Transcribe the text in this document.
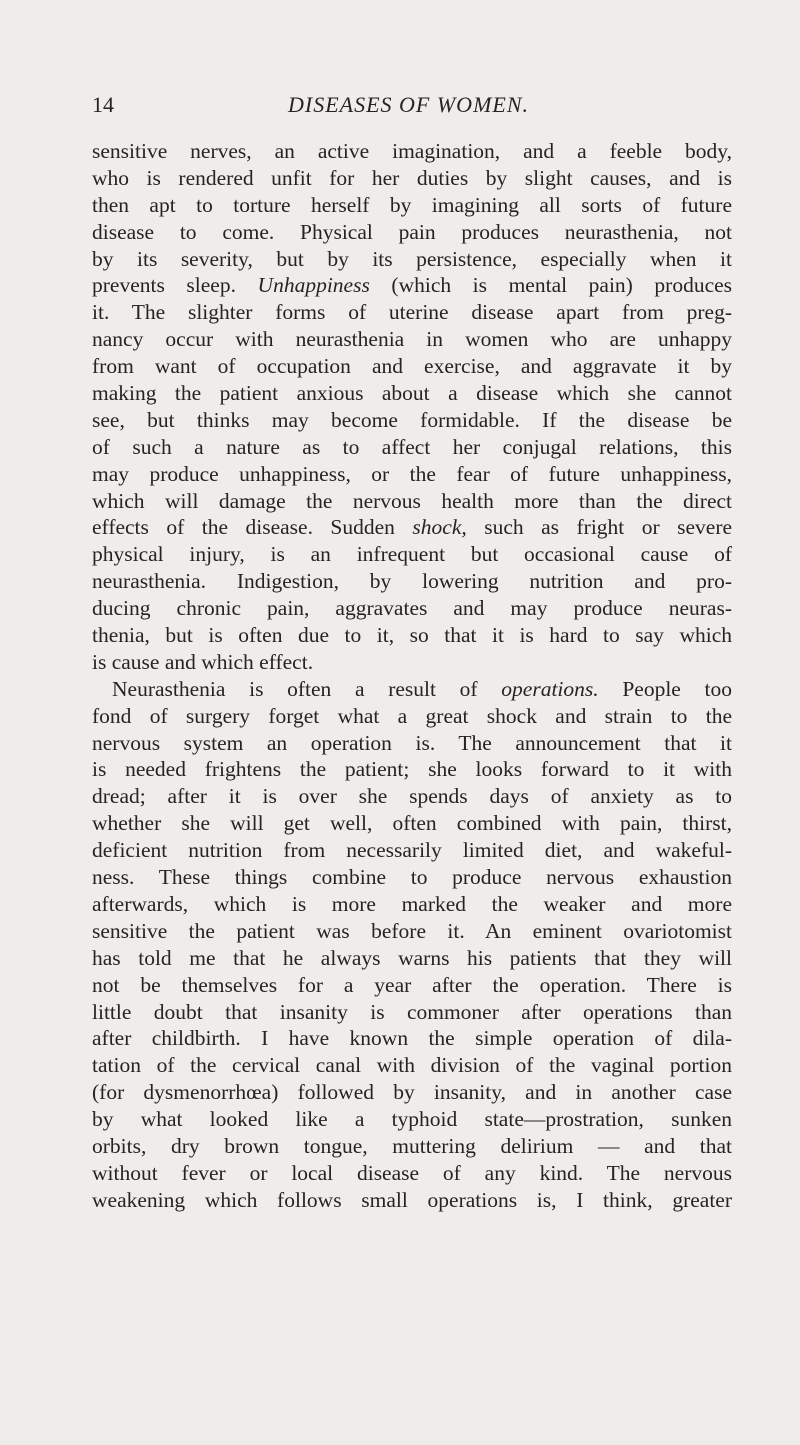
14	DISEASES OF WOMEN.
sensitive nerves, an active imagination, and a feeble body,
who is rendered unfit for her duties by slight causes, and is
then apt to torture herself by imagining all sorts of future
disease to come. Physical pain produces neurasthenia, not
by its severity, but by its persistence, especially when it
prevents sleep. Unhappiness (which is mental pain) produces
it. The slighter forms of uterine disease apart from preg-
nancy occur with neurasthenia in women who are unhappy
from want of occupation and exercise, and aggravate it by
making the patient anxious about a disease which she cannot
see, but thinks may become formidable. If the disease be
of such a nature as to affect her conjugal relations, this
may produce unhappiness, or the fear of future unhappiness,
which will damage the nervous health more than the direct
effects of the disease. Sudden shock, such as fright or severe
physical injury, is an infrequent but occasional cause of
neurasthenia. Indigestion, by lowering nutrition and pro-
ducing chronic pain, aggravates and may produce neuras-
thenia, but is often due to it, so that it is hard to say which
is cause and which effect.
Neurasthenia is often a result of operations. People too
fond of surgery forget what a great shock and strain to the
nervous system an operation is. The announcement that it
is needed frightens the patient; she looks forward to it with
dread; after it is over she spends days of anxiety as to
whether she will get well, often combined with pain, thirst,
deficient nutrition from necessarily limited diet, and wakeful-
ness. These things combine to produce nervous exhaustion
afterwards, which is more marked the weaker and more
sensitive the patient was before it. An eminent ovariotomist
has told me that he always warns his patients that they will
not be themselves for a year after the operation. There is
little doubt that insanity is commoner after operations than
after childbirth. I have known the simple operation of dila-
tation of the cervical canal with division of the vaginal portion
(for dysmenorrhœa) followed by insanity, and in another case
by what looked like a typhoid state—prostration, sunken
orbits, dry brown tongue, muttering delirium — and that
without fever or local disease of any kind. The nervous
weakening which follows small operations is, I think, greater
